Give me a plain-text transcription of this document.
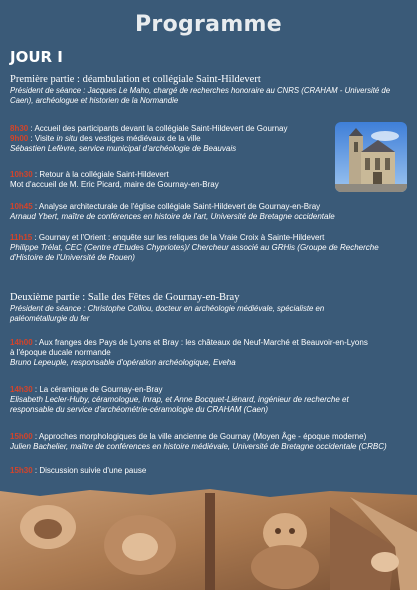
Programme
JOUR I

Première partie : déambulation et collégiale Saint-Hildevert

Président de séance : Jacques Le Maho, chargé de recherches honoraire au CNRS (CRAHAM - Université de
Caen), archéologue et historien de la Normandie

8h30 : Accueil des participants devant la collégiale Saint-Hildevert de Gournay
9h00 : Visite in situ des vestiges médiévaux de la ville
Sébastien Lefèvre, service municipal d'archéologie de Beauvais
10h30 : Retour à la collégiale Saint-Hildevert
Mot d'accueil de M. Eric Picard, maire de Gournay-en-Bray
10h45 : Analyse architecturale de l'église collégiale Saint-Hildevert de Gournay-en-Bray
Arnaud Ybert, maître de conférences en histoire de l'art, Université de Bretagne occidentale
11h15 : Gournay et l'Orient : enquête sur les reliques de la Vraie Croix à Sainte-Hildevert
Philippe Trélat, CEC (Centre d'Etudes Chypriotes)/ Chercheur associé au GRHis (Groupe de Recherche
d'Histoire de l'Université de Rouen)

Deuxième partie : Salle des Fêtes de Gournay-en-Bray

Président de séance : Christophe Colliou, docteur en archéologie médiévale, spécialiste en
paléométallurgie du fer

14h00 : Aux franges des Pays de Lyons et Bray : les châteaux de Neuf-Marché et Beauvoir-en-Lyons
à l'époque ducale normande
Bruno Lepeuple, responsable d'opération archéologique, Eveha
14h30 : La céramique de Gournay-en-Bray
Elisabeth Lecler-Huby, céramologue, Inrap, et Anne Bocquet-Liénard, ingénieur de recherche et
responsable du service d'archéométrie-céramologie du CRAHAM (Caen)
15h00 : Approches morphologiques de la ville ancienne de Gournay (Moyen Âge - époque moderne)
Julien Bachelier, maître de conférences en histoire médiévale, Université de Bretagne occidentale (CRBC)
15h30 : Discussion suivie d'une pause
